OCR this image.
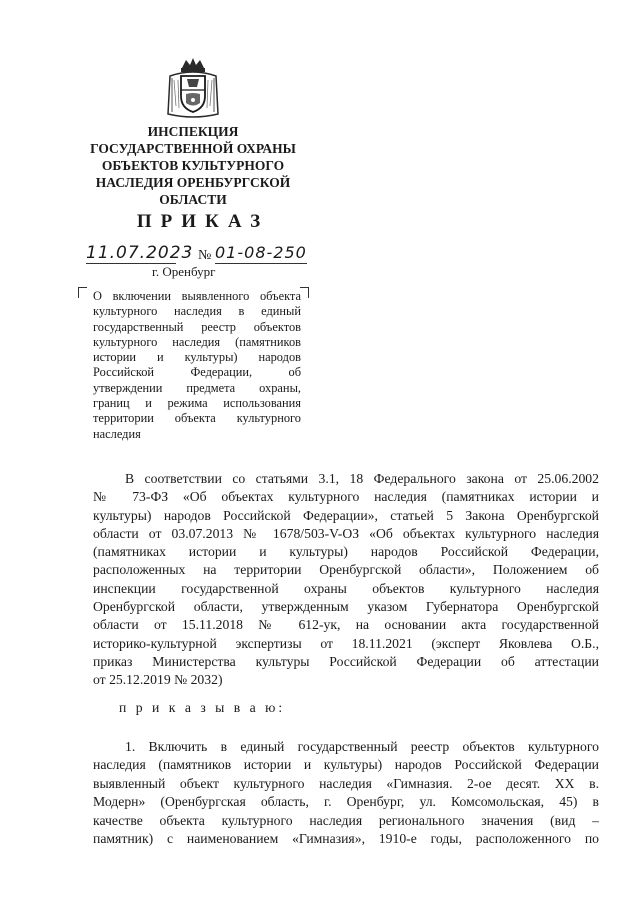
ИНСПЕКЦИЯ
ГОСУДАРСТВЕННОЙ ОХРАНЫ
ОБЪЕКТОВ КУЛЬТУРНОГО
НАСЛЕДИЯ ОРЕНБУРГСКОЙ
ОБЛАСТИ
ПРИКАЗ
11.07.2023 № 01-08-250
г. Оренбург
О включении выявленного объекта
культурного наследия в единый
государственный реестр объектов
культурного наследия (памятников
истории и культуры) народов
Российской Федерации, об
утверждении предмета охраны,
границ и режима использования
территории объекта культурного
наследия
В соответствии со статьями 3.1, 18 Федерального закона от 25.06.2002
№ 73-ФЗ «Об объектах культурного наследия (памятниках истории и
культуры) народов Российской Федерации», статьей 5 Закона Оренбургской
области от 03.07.2013 № 1678/503-V-ОЗ «Об объектах культурного наследия
(памятниках истории и культуры) народов Российской Федерации,
расположенных на территории Оренбургской области», Положением об
инспекции государственной охраны объектов культурного наследия
Оренбургской области, утвержденным указом Губернатора Оренбургской
области от 15.11.2018 № 612-ук, на основании акта государственной
историко-культурной экспертизы от 18.11.2021 (эксперт Яковлева О.Б.,
приказ Министерства культуры Российской Федерации об аттестации
от 25.12.2019 № 2032)
п р и к а з ы в а ю:
1. Включить в единый государственный реестр объектов культурного
наследия (памятников истории и культуры) народов Российской Федерации
выявленный объект культурного наследия «Гимназия. 2-ое десят. XX в.
Модерн» (Оренбургская область, г. Оренбург, ул. Комсомольская, 45) в
качестве объекта культурного наследия регионального значения (вид –
памятник) с наименованием «Гимназия», 1910-е годы, расположенного по
